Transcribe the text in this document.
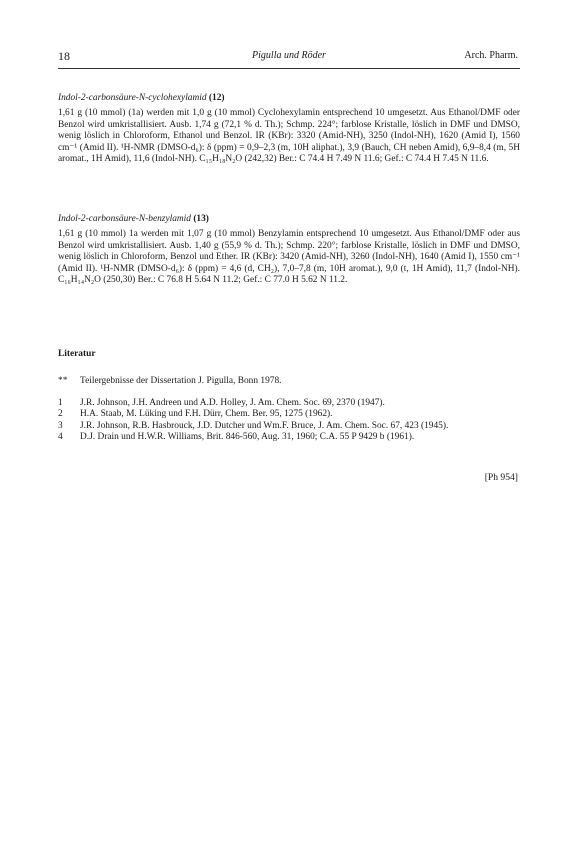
18	Pigulla und Röder	Arch. Pharm.

Indol-2-carbonsäure-N-cyclohexylamid (12)

1,61 g (10 mmol) (1a) werden mit 1,0 g (10 mmol) Cyclohexylamin entsprechend 10 umgesetzt. Aus Ethanol/DMF oder Benzol wird umkristallisiert. Ausb. 1,74 g (72,1 % d. Th.); Schmp. 224°; farblose Kristalle, löslich in DMF und DMSO, wenig löslich in Chloroform, Ethanol und Benzol. IR (KBr): 3320 (Amid-NH), 3250 (Indol-NH), 1620 (Amid I), 1560 cm⁻¹ (Amid II). ¹H-NMR (DMSO-d₆): δ (ppm) = 0,9–2,3 (m, 10H aliphat.), 3,9 (Bauch, CH neben Amid), 6,9–8,4 (m, 5H aromat., 1H Amid), 11,6 (Indol-NH). C₁₅H₁₈N₂O (242,32) Ber.: C 74.4 H 7.49 N 11.6; Gef.: C 74.4 H 7.45 N 11.6.

Indol-2-carbonsäure-N-benzylamid (13)

1,61 g (10 mmol) 1a werden mit 1,07 g (10 mmol) Benzylamin entsprechend 10 umgesetzt. Aus Ethanol/DMF oder aus Benzol wird umkristallisiert. Ausb. 1,40 g (55,9 % d. Th.); Schmp. 220°; farblose Kristalle, löslich in DMF und DMSO, wenig löslich in Chloroform, Benzol und Ether. IR (KBr): 3420 (Amid-NH), 3260 (Indol-NH), 1640 (Amid I), 1550 cm⁻¹ (Amid II). ¹H-NMR (DMSO-d₆): δ (ppm) = 4,6 (d, CH₂), 7,0–7,8 (m, 10H aromat.), 9,0 (t, 1H Amid), 11,7 (Indol-NH). C₁₆H₁₄N₂O (250,30) Ber.: C 76.8 H 5.64 N 11.2; Gef.: C 77.0 H 5.62 N 11.2.

Literatur

** Teilergebnisse der Dissertation J. Pigulla, Bonn 1978.

1 J.R. Johnson, J.H. Andreen und A.D. Holley, J. Am. Chem. Soc. 69, 2370 (1947).

2 H.A. Staab, M. Lüking und F.H. Dürr, Chem. Ber. 95, 1275 (1962).

3 J.R. Johnson, R.B. Hasbrouck, J.D. Dutcher und Wm.F. Bruce, J. Am. Chem. Soc. 67, 423 (1945).

4 D.J. Drain und H.W.R. Williams, Brit. 846-560, Aug. 31, 1960; C.A. 55 P 9429 b (1961).

[Ph 954]
